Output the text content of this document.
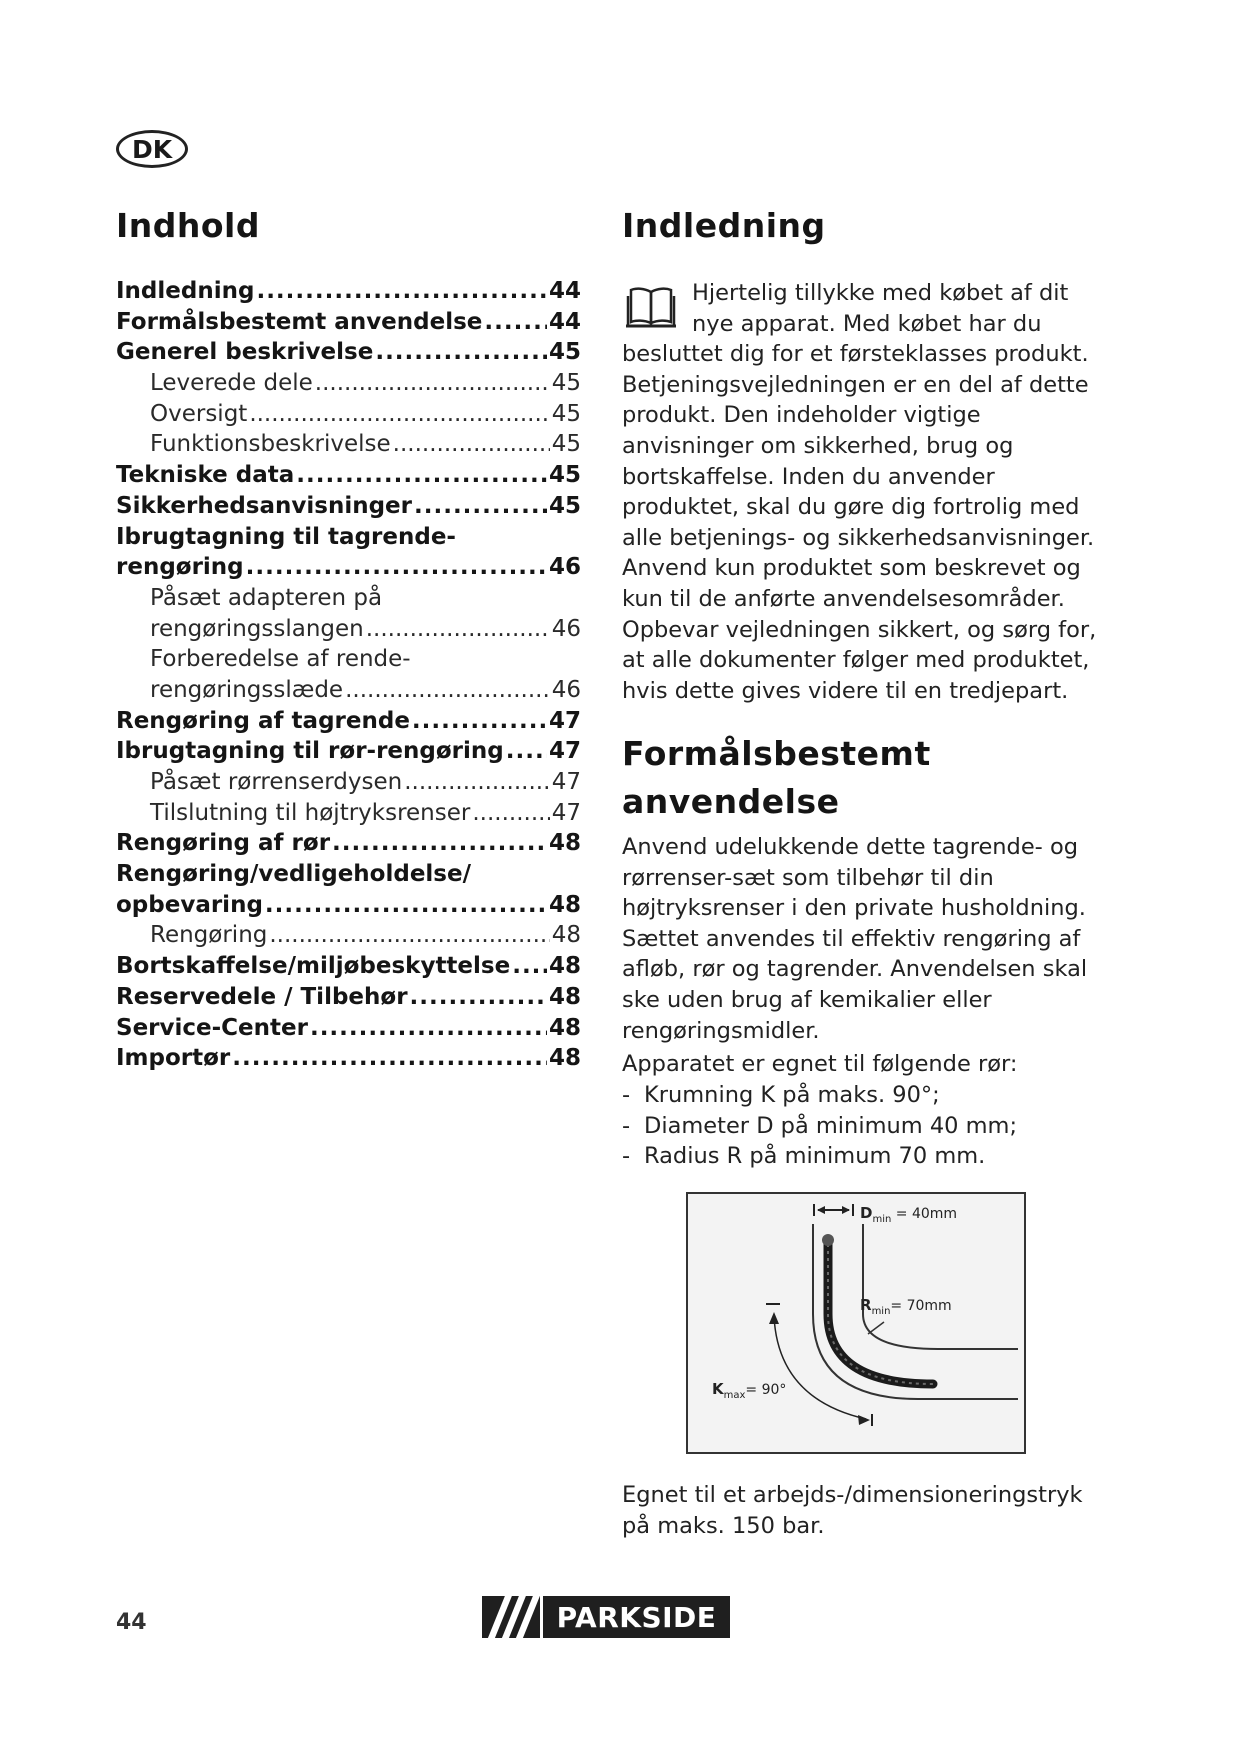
DK
Indhold
Indledning .....	44
Formålsbestemt anvendelse .....	44
Generel beskrivelse .....	45
Leverede dele .....	45
Oversigt .....	45
Funktionsbeskrivelse .....	45
Tekniske data .....	45
Sikkerhedsanvisninger .....	45
Ibrugtagning til tagrende-
rengøring .....	46
Påsæt adapteren på
rengøringsslangen .....	46
Forberedelse af rende-
rengøringsslæde .....	46
Rengøring af tagrende .....	47
Ibrugtagning til rør-rengøring ..... 47
Påsæt rørrenserdysen .....	47
Tilslutning til højtryksrenser .....	47
Rengøring af rør .....	48
Rengøring/vedligeholdelse/
opbevaring .....	48
Rengøring .....	48
Bortskaffelse/miljøbeskyttelse ..... 48
Reservedele / Tilbehør .....	48
Service-Center .....	48
Importør .....	48
Indledning

Hjertelig tillykke med købet af dit nye apparat. Med købet har du besluttet dig for et førsteklasses produkt. Betjeningsvejledningen er en del af dette produkt. Den indeholder vigtige anvisninger om sikkerhed, brug og bortskaffelse. Inden du anvender produktet, skal du gøre dig fortrolig med alle betjenings- og sikkerhedsanvisninger. Anvend kun produktet som beskrevet og kun til de anførte anvendelsesområder. Opbevar vejledningen sikkert, og sørg for, at alle dokumenter følger med produktet, hvis dette gives videre til en tredjepart.

Formålsbestemt anvendelse

Anvend udelukkende dette tagrende- og rørrenser-sæt som tilbehør til din højtryksrenser i den private husholdning. Sættet anvendes til effektiv rengøring af afløb, rør og tagrender. Anvendelsen skal ske uden brug af kemikalier eller rengøringsmidler.

Apparatet er egnet til følgende rør:

- Krumning K på maks. 90°;
- Diameter D på minimum 40 mm;
- Radius R på minimum 70 mm.
$D_{min} = 40mm$
$R_{min}= 70mm$
$K_{max}= 90^\circ$

Egnet til et arbejds-/dimensioneringstryk på maks. 150 bar.

44	PARKSIDE
